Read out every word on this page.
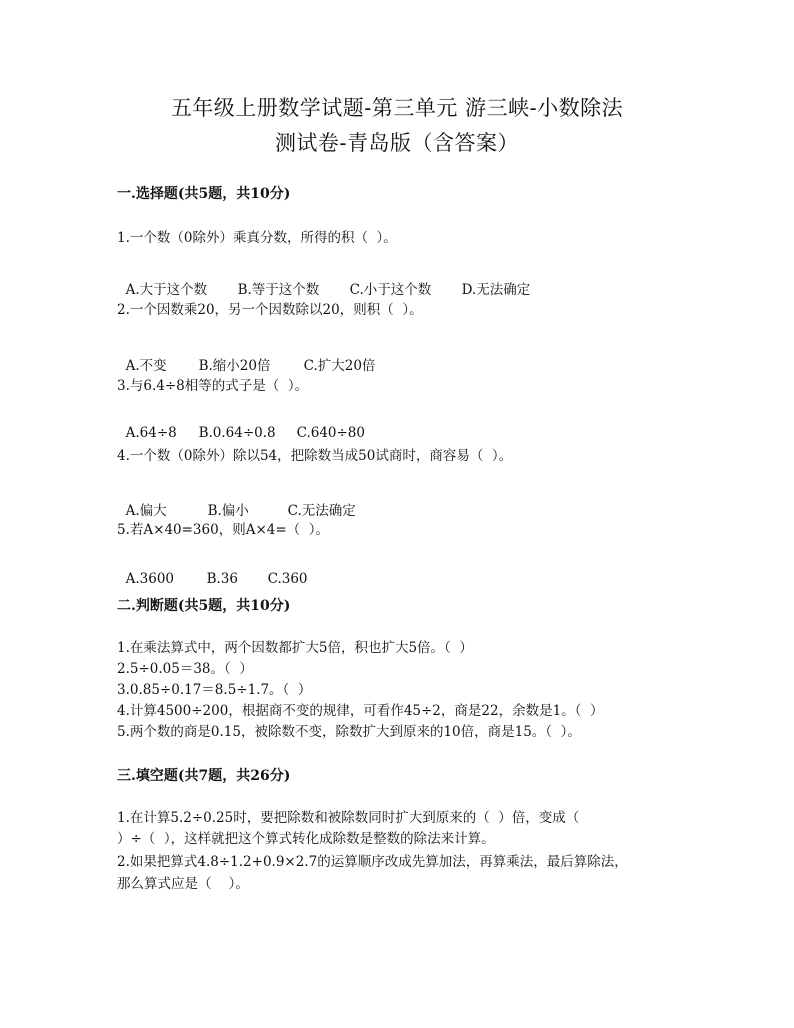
五年级上册数学试题-第三单元 游三峡-小数除法
测试卷-青岛版（含答案）
一.选择题(共5题，共10分)
1.一个数（0除外）乘真分数，所得的积（  ）。

A.大于这个数 B.等于这个数 C.小于这个数 D.无法确定

2.一个因数乘20，另一个因数除以20，则积（  ）。

A.不变 B.缩小20倍 C.扩大20倍

3.与6.4÷8相等的式子是（  ）。

A.64÷8 B.0.64÷0.8 C.640÷80

4.一个数（0除外）除以54，把除数当成50试商时，商容易（  ）。

A.偏大	B.偏小	C.无法确定

5.若A×40=360，则A×4=（  ）。

A.3600 B.36 C.360

二.判断题(共5题，共10分)
1.在乘法算式中，两个因数都扩大5倍，积也扩大5倍。（  ）
2.5÷0.05＝38。（  ）
3.0.85÷0.17＝8.5÷1.7。（  ）
4.计算4500÷200，根据商不变的规律，可看作45÷2，商是22，余数是1。（  ）
5.两个数的商是0.15，被除数不变，除数扩大到原来的10倍，商是15。（  ）。
三.填空题(共7题，共26分)
1.在计算5.2÷0.25时，要把除数和被除数同时扩大到原来的（  ）倍，变成（
）÷（  ），这样就把这个算式转化成除数是整数的除法来计算。
2.如果把算式4.8÷1.2+0.9×2.7的运算顺序改成先算加法，再算乘法，最后算除法，
那么算式应是（    ）。
